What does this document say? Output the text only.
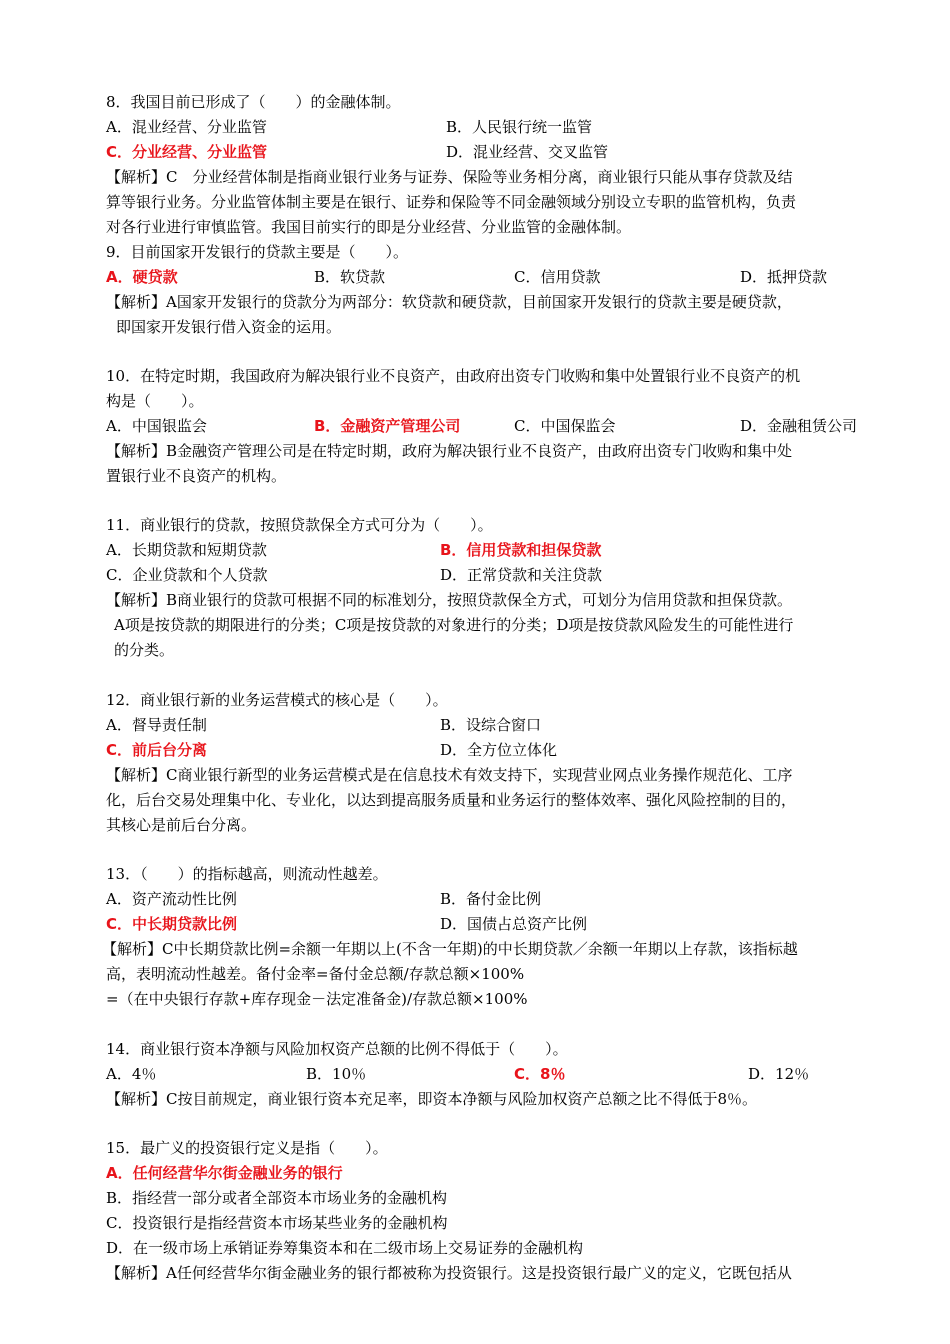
8．我国目前已形成了（　　）的金融体制。
A．混业经营、分业监管	B．人民银行统一监管
C．分业经营、分业监管	D．混业经营、交叉监管
【解析】C　分业经营体制是指商业银行业务与证券、保险等业务相分离，商业银行只能从事存贷款及结
算等银行业务。分业监管体制主要是在银行、证券和保险等不同金融领域分别设立专职的监管机构，负责
对各行业进行审慎监管。我国目前实行的即是分业经营、分业监管的金融体制。
9．目前国家开发银行的贷款主要是（　　）。
A．硬贷款	B．软贷款	C．信用贷款	D．抵押贷款
【解析】A国家开发银行的贷款分为两部分：软贷款和硬贷款，目前国家开发银行的贷款主要是硬贷款，
即国家开发银行借入资金的运用。
10．在特定时期，我国政府为解决银行业不良资产，由政府出资专门收购和集中处置银行业不良资产的机
构是（　　）。
A．中国银监会	B．金融资产管理公司	C．中国保监会	D．金融租赁公司
【解析】B金融资产管理公司是在特定时期，政府为解决银行业不良资产，由政府出资专门收购和集中处
置银行业不良资产的机构。
11．商业银行的贷款，按照贷款保全方式可分为（　　）。
A．长期贷款和短期贷款	B．信用贷款和担保贷款
C．企业贷款和个人贷款	D．正常贷款和关注贷款
【解析】B商业银行的贷款可根据不同的标准划分，按照贷款保全方式，可划分为信用贷款和担保贷款。
A项是按贷款的期限进行的分类；C项是按贷款的对象进行的分类；D项是按贷款风险发生的可能性进行
的分类。
12．商业银行新的业务运营模式的核心是（　　）。
A．督导责任制	B．设综合窗口
C．前后台分离	D．全方位立体化
【解析】C商业银行新型的业务运营模式是在信息技术有效支持下，实现营业网点业务操作规范化、工序
化，后台交易处理集中化、专业化，以达到提高服务质量和业务运行的整体效率、强化风险控制的目的，
其核心是前后台分离。
13．（　　）的指标越高，则流动性越差。
A．资产流动性比例	B．备付金比例
C．中长期贷款比例	D．国债占总资产比例
【解析】C中长期贷款比例=余额一年期以上(不含一年期)的中长期贷款／余额一年期以上存款，该指标越
高，表明流动性越差。备付金率=备付金总额/存款总额×100%
=（在中央银行存款+库存现金－法定准备金)/存款总额×100%
14．商业银行资本净额与风险加权资产总额的比例不得低于（　　）。
A．4％	B．10％	C．8％	D．12％
【解析】C按目前规定，商业银行资本充足率，即资本净额与风险加权资产总额之比不得低于8％。
15．最广义的投资银行定义是指（　　）。
A．任何经营华尔街金融业务的银行
B．指经营一部分或者全部资本市场业务的金融机构
C．投资银行是指经营资本市场某些业务的金融机构
D．在一级市场上承销证券筹集资本和在二级市场上交易证券的金融机构
【解析】A任何经营华尔街金融业务的银行都被称为投资银行。这是投资银行最广义的定义，它既包括从
